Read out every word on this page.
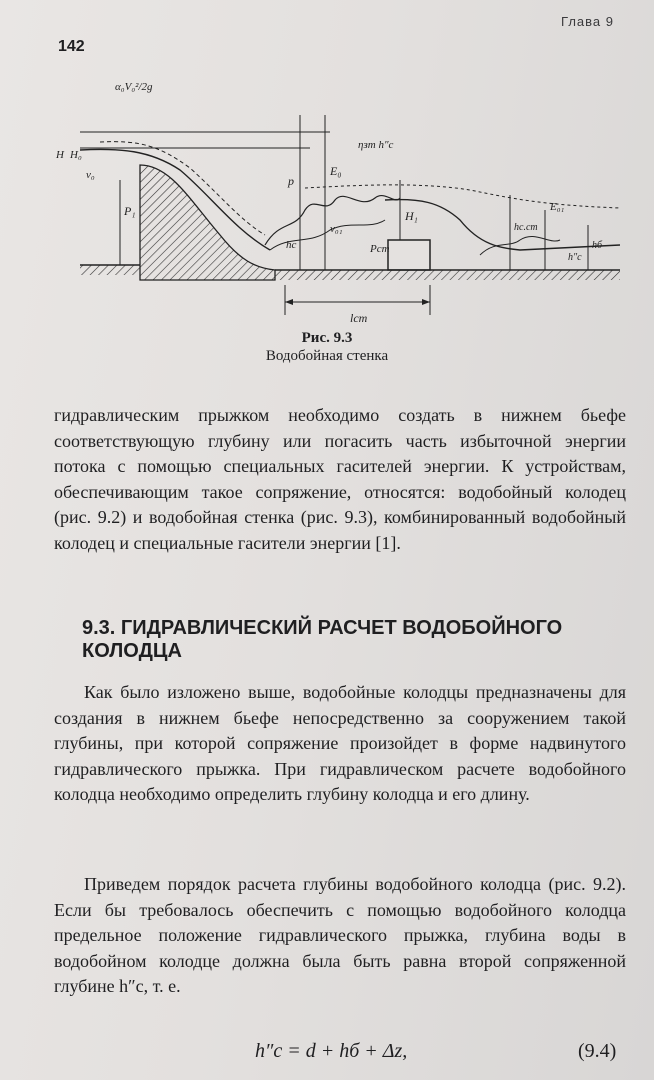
142
Глава 9
α₀V₀²/2g
H H₀
v₀
P₁
p
E₀
ηзт h″c
H₁
hc
v₀₁
Pст
hс.ст
E₀₁
h″c
hб
lст
Рис. 9.3
Водобойная стенка

гидравлическим прыжком необходимо создать в нижнем бьефе соответствующую глубину или погасить часть избыточной энергии потока с помощью специальных гасителей энергии. К устройствам, обеспечивающим такое сопряжение, относятся: водобойный колодец (рис. 9.2) и водобойная стенка (рис. 9.3), комбинированный водобойный колодец и специальные гасители энергии [1].

9.3. ГИДРАВЛИЧЕСКИЙ РАСЧЕТ ВОДОБОЙНОГО КОЛОДЦА

Как было изложено выше, водобойные колодцы предназначены для создания в нижнем бьефе непосредственно за сооружением такой глубины, при которой сопряжение произойдет в форме надвинутого гидравлического прыжка. При гидравлическом расчете водобойного колодца необходимо определить глубину колодца и его длину.

Приведем порядок расчета глубины водобойного колодца (рис. 9.2). Если бы требовалось обеспечить с помощью водобойного колодца предельное положение гидравлического прыжка, глубина воды в водобойном колодце должна была быть равна второй сопряженной глубине h″c, т. е.

h″c = d + hб + Δz,	(9.4)
